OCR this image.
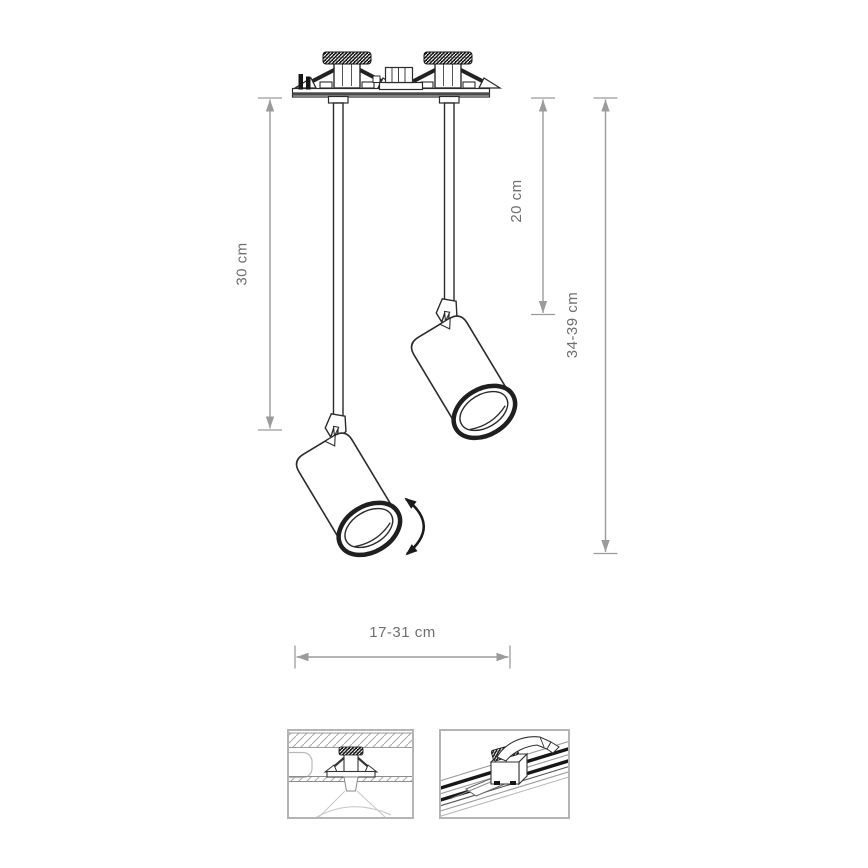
30 cm
20 cm
34-39 cm
17-31 cm
